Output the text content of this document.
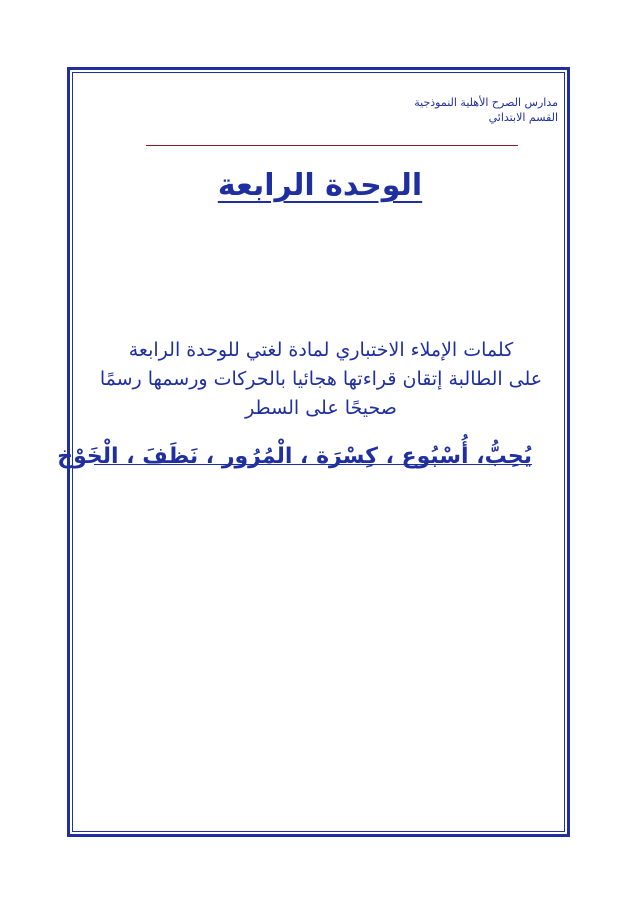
مدارس الصرح الأهلية النموذجية
القسم الابتدائي
الوحدة الرابعة
كلمات الإملاء الاختباري لمادة لغتي للوحدة الرابعة
على الطالبة إتقان قراءتها هجائيا بالحركات ورسمها رسمًا
صحيحًا على السطر
يُحِبُّ، أُسْبُوع ، كِسْرَة ، الْمُرُور ، نَظَفَ ، الْخَوْخ
